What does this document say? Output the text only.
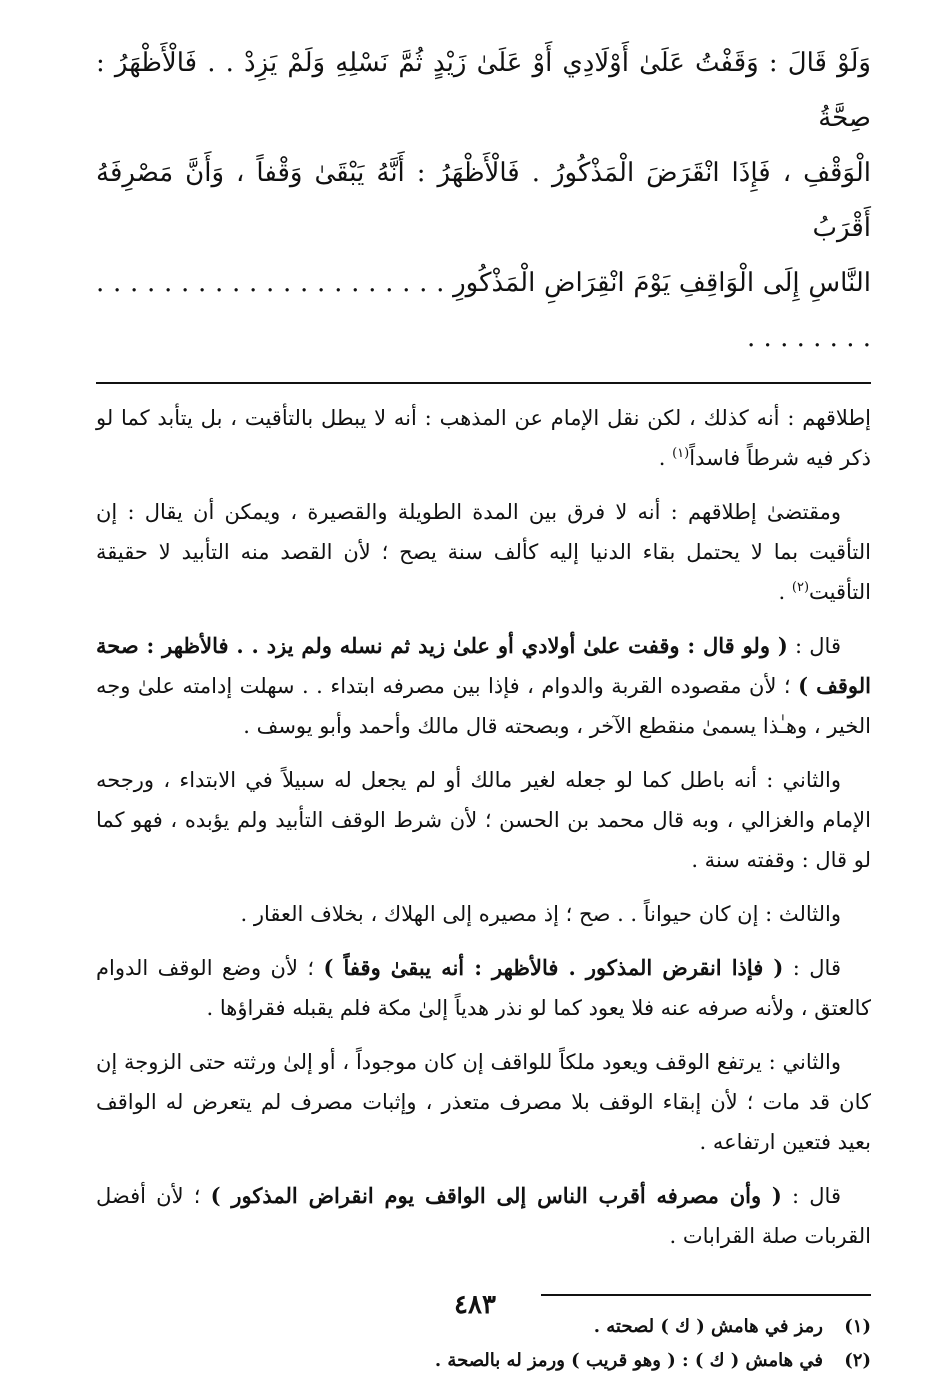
وَلَوْ قَالَ : وَقَفْتُ عَلَىٰ أَوْلَادِي أَوْ عَلَىٰ زَيْدٍ ثُمَّ نَسْلِهِ وَلَمْ يَزِدْ . . فَالْأَظْهَرُ : صِحَّةُ
الْوَقْفِ ، فَإِذَا انْقَرَضَ الْمَذْكُورُ . فَالْأَظْهَرُ : أَنَّهُ يَبْقَىٰ وَقْفاً ، وَأَنَّ مَصْرِفَهُ أَقْرَبُ
النَّاسِ إِلَى الْوَاقِفِ يَوْمَ انْقِرَاضِ الْمَذْكُورِ . . . . . . . . . . . . . . . . . . . . . . . . . . . . .

إطلاقهم : أنه كذلك ، لكن نقل الإمام عن المذهب : أنه لا يبطل بالتأقيت ، بل يتأبد كما لو ذكر فيه شرطاً فاسداً$^{(١)}$ .

ومقتضىٰ إطلاقهم : أنه لا فرق بين المدة الطويلة والقصيرة ، ويمكن أن يقال : إن التأقيت بما لا يحتمل بقاء الدنيا إليه كألف سنة يصح ؛ لأن القصد منه التأبيد لا حقيقة التأقيت$^{(٢)}$ .

قال : ( ولو قال : وقفت علىٰ أولادي أو علىٰ زيد ثم نسله ولم يزد . . فالأظهر : صحة الوقف ) ؛ لأن مقصوده القربة والدوام ، فإذا بين مصرفه ابتداء . . سهلت إدامته علىٰ وجه الخير ، وهـٰذا يسمىٰ منقطع الآخر ، وبصحته قال مالك وأحمد وأبو يوسف .

والثاني : أنه باطل كما لو جعله لغير مالك أو لم يجعل له سبيلاً في الابتداء ، ورجحه الإمام والغزالي ، وبه قال محمد بن الحسن ؛ لأن شرط الوقف التأبيد ولم يؤبده ، فهو كما لو قال : وقفته سنة .

والثالث : إن كان حيواناً . . صح ؛ إذ مصيره إلى الهلاك ، بخلاف العقار .

قال : ( فإذا انقرض المذكور . فالأظهر : أنه يبقىٰ وقفاً ) ؛ لأن وضع الوقف الدوام كالعتق ، ولأنه صرفه عنه فلا يعود كما لو نذر هدياً إلىٰ مكة فلم يقبله فقراؤها .

والثاني : يرتفع الوقف ويعود ملكاً للواقف إن كان موجوداً ، أو إلىٰ ورثته حتى الزوجة إن كان قد مات ؛ لأن إبقاء الوقف بلا مصرف متعذر ، وإثبات مصرف لم يتعرض له الواقف بعيد فتعين ارتفاعه .

قال : ( وأن مصرفه أقرب الناس إلى الواقف يوم انقراض المذكور ) ؛ لأن أفضل القربات صلة القرابات .

(١)رمز في هامش ( ك ) لصحته .
(٢)في هامش ( ك ) : ( وهو قريب ) ورمز له بالصحة .
٤٨٣
